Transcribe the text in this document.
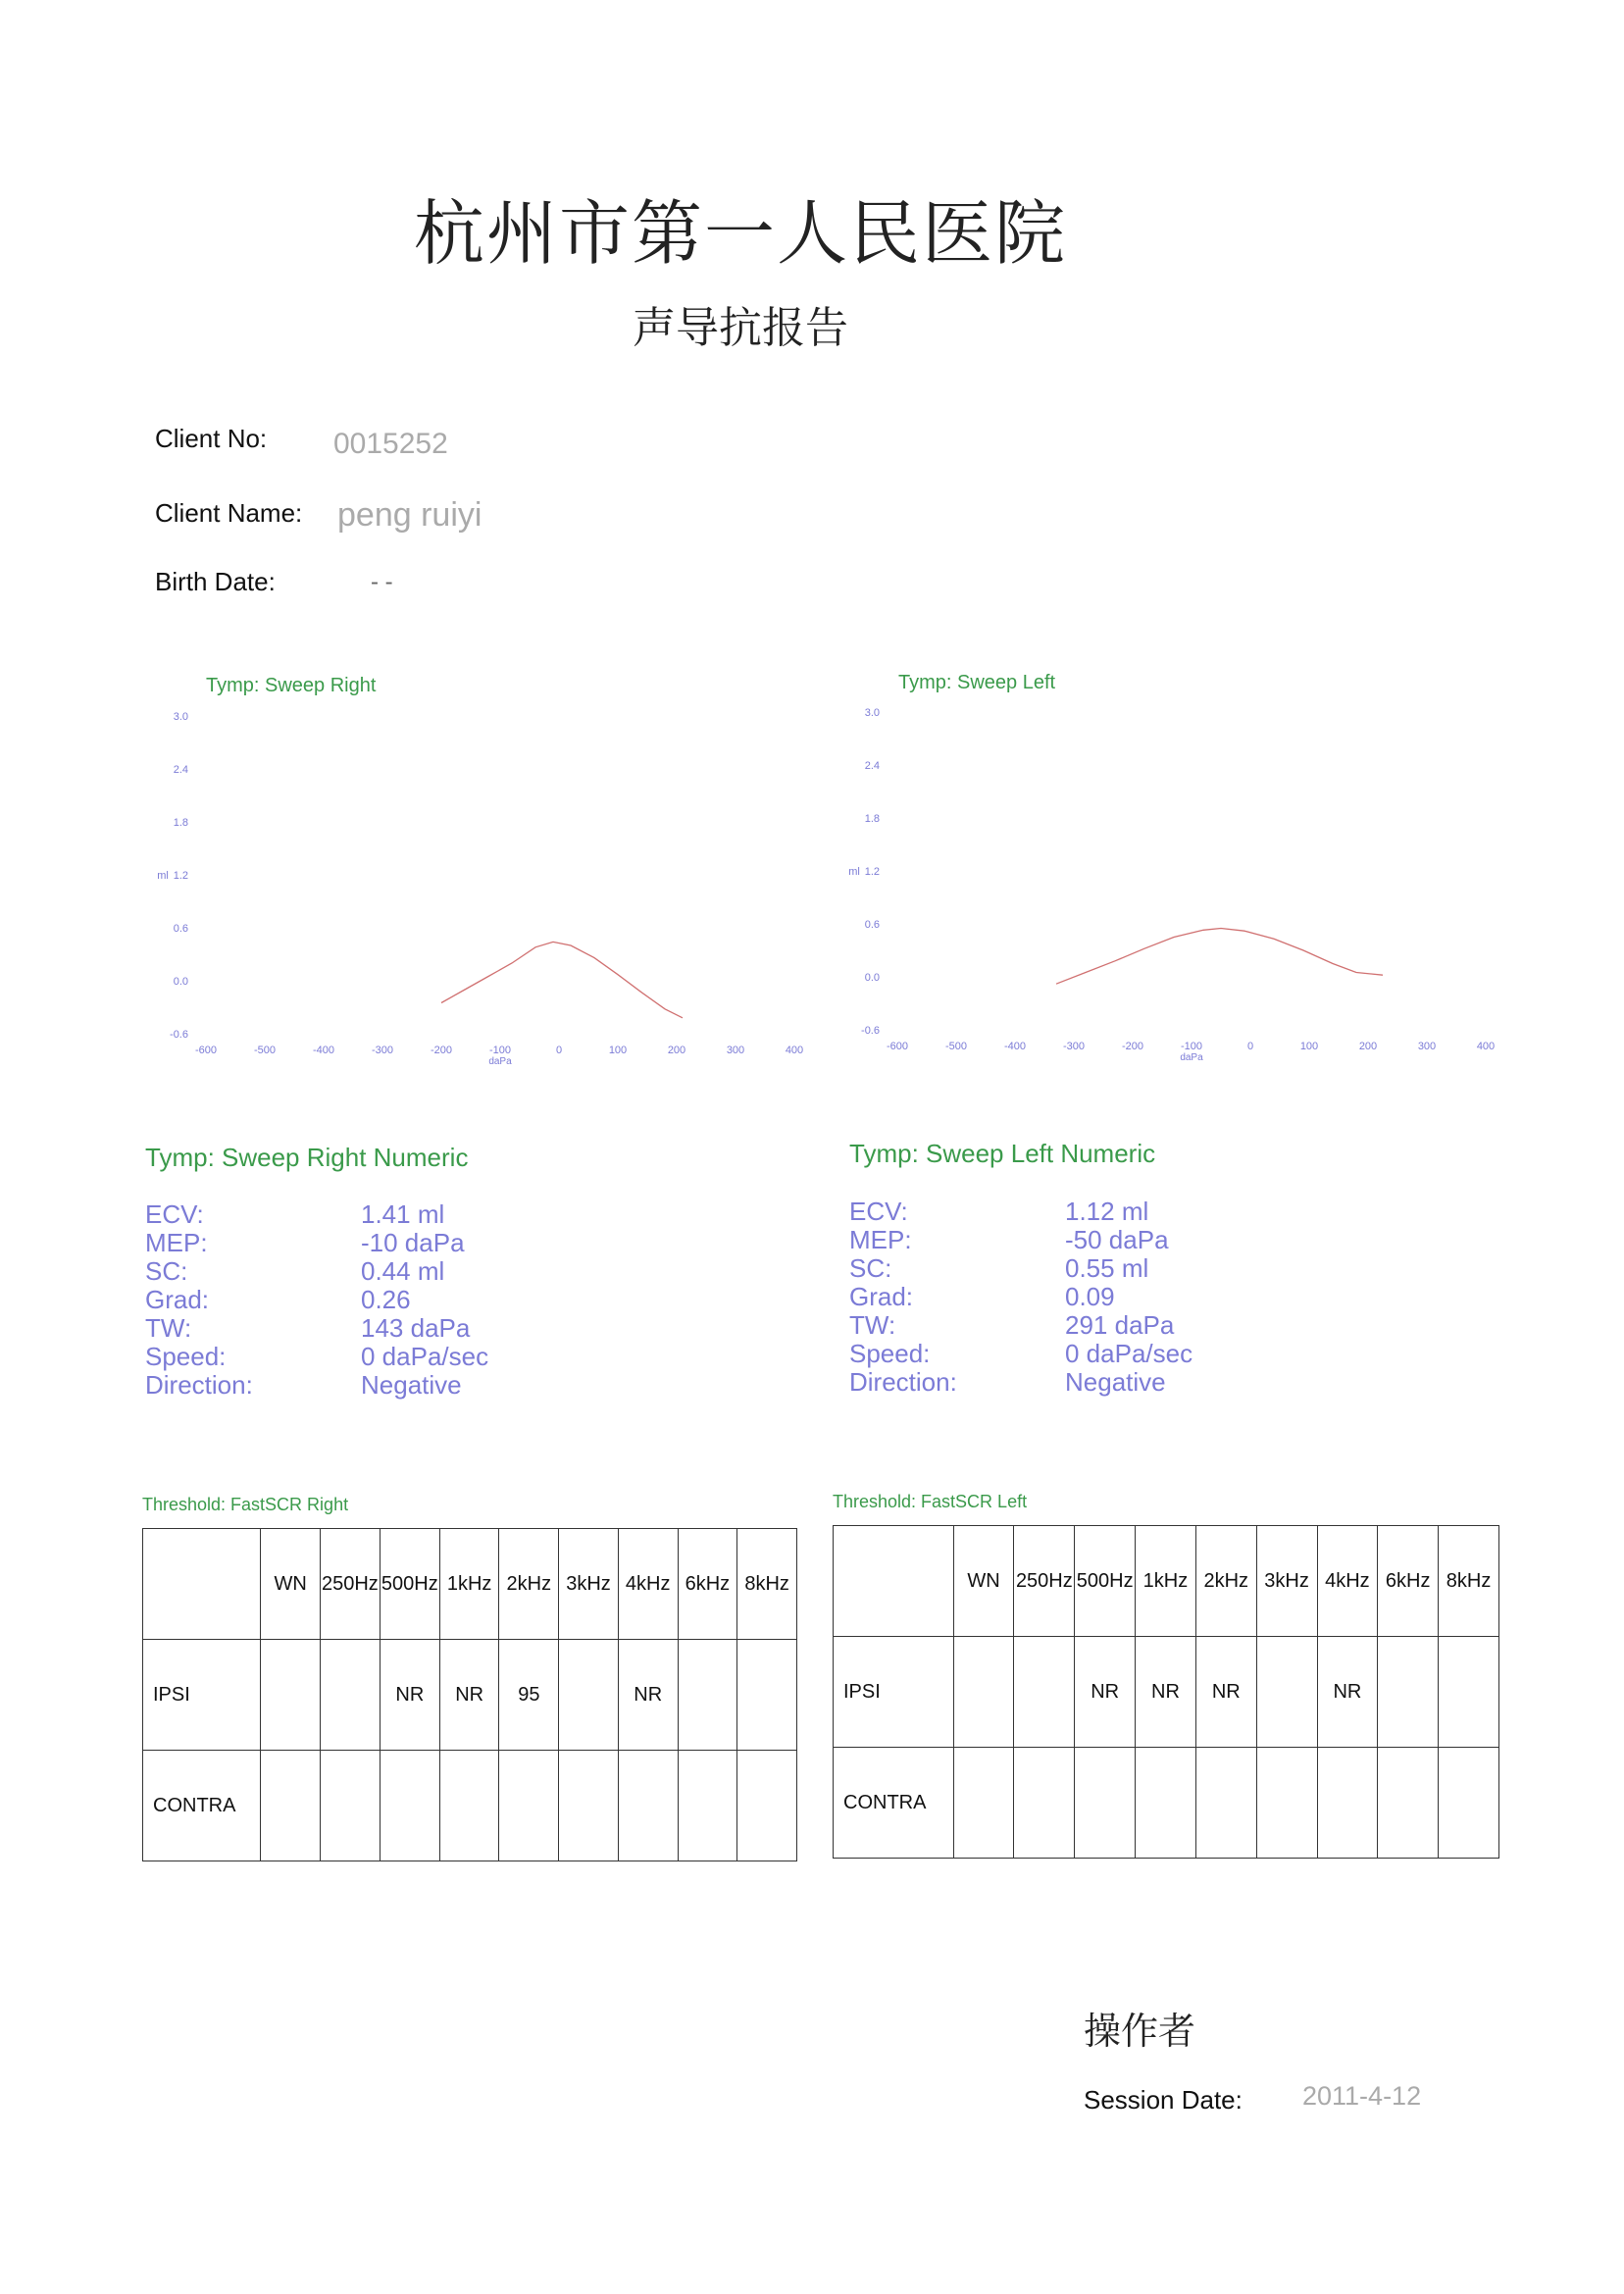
杭州市第一人民医院
声导抗报告
Client No: 0015252
Client Name: peng ruiyi
Birth Date:	- -
Tymp: Sweep Right
3.0
2.4
1.8
1.2
0.6
0.0
-0.6
ml
-600	-500	-400	-300	-200	-100	0	100	200	300	400
daPa
Tymp: Sweep Left
3.0
2.4
1.8
1.2
0.6
0.0
-0.6
ml
-600	-500	-400	-300	-200	-100	0	100	200	300	400
daPa
Tymp: Sweep Right Numeric
ECV:	1.41 ml
MEP:	-10 daPa
SC:	0.44 ml
Grad:	0.26
TW:	143 daPa
Speed:	0 daPa/sec
Direction:	Negative
Tymp: Sweep Left Numeric
ECV:	1.12 ml
MEP:	-50 daPa
SC:	0.55 ml
Grad:	0.09
TW:	291 daPa
Speed:	0 daPa/sec
Direction:	Negative
Threshold: FastSCR Right
	WN	250Hz	500Hz	1kHz	2kHz	3kHz	4kHz	6kHz	8kHz
IPSI			NR	NR	95		NR		
CONTRA									
Threshold: FastSCR Left
	WN	250Hz	500Hz	1kHz	2kHz	3kHz	4kHz	6kHz	8kHz
IPSI			NR	NR	NR		NR		
CONTRA									
操作者
Session Date: 2011-4-12
